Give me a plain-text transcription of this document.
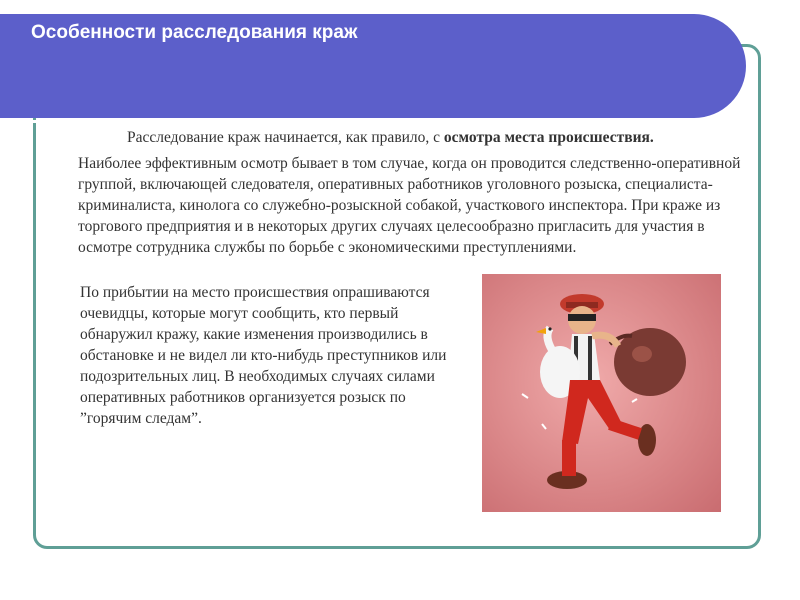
Особенности расследования краж
Расследование краж начинается, как правило, с осмотра места происшествия.
Наиболее эффективным осмотр бывает в том случае, когда он проводится следственно-оперативной группой, включающей следователя, оперативных работников уголовного розыска, специалиста-криминалиста, кинолога со служебно-розыскной собакой, участкового инспектора. При краже из торгового предприятия и в некоторых других случаях целесообразно пригласить для участия в осмотре сотрудника службы по борьбе с экономическими преступлениями.
По прибытии на место происшествия опрашиваются очевидцы, которые могут сообщить, кто первый обнаружил кражу, какие изменения производились в обстановке и не видел ли кто-нибудь преступников или подозрительных лиц. В необходимых случаях силами оперативных работников организуется розыск по ”горячим следам”.
